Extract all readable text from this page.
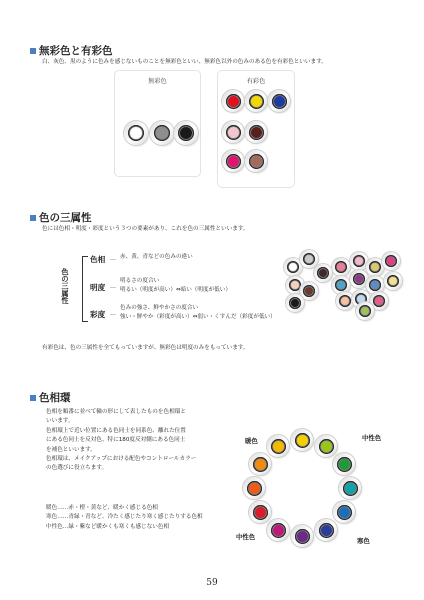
無彩色と有彩色
白、灰色、黒のように色みを感じないものことを無彩色といい、無彩色以外の色みのある色を有彩色といいます。
無彩色	有彩色
色の三属性
色には色相・明度・彩度という３つの要素があり、これを色の三属性といいます。
色の三属性
色相 … 赤、黄、青などの色みの違い
明度 …
明るさの度合い
明るい（明度が高い）⇔暗い（明度が低い）
彩度 …
色みの強さ、鮮やかさの度合い
強い・鮮やか（彩度が高い）⇔弱い・くすんだ（彩度が低い）
有彩色は、色の三属性を全てもっていますが、無彩色は明度のみをもっています。
色相環
色相を順番に並べて輪の形にして表したものを色相環と
いいます。
色相環上で近い位置にある色同士を同系色、離れた位置
にある色同士を反対色、特に180度反対側にある色同士
を補色といいます。
色相環は、メイクアップにおける配色やコントロールカラー
の色選びに役立ちます。
暖色……赤・橙・黄など、暖かく感じる色相
寒色……青緑・青など、冷たく感じたり寒く感じたりする色相
中性色…緑・紫など暖かくも寒くも感じない色相
暖色	中性色
中性色	寒色
59
